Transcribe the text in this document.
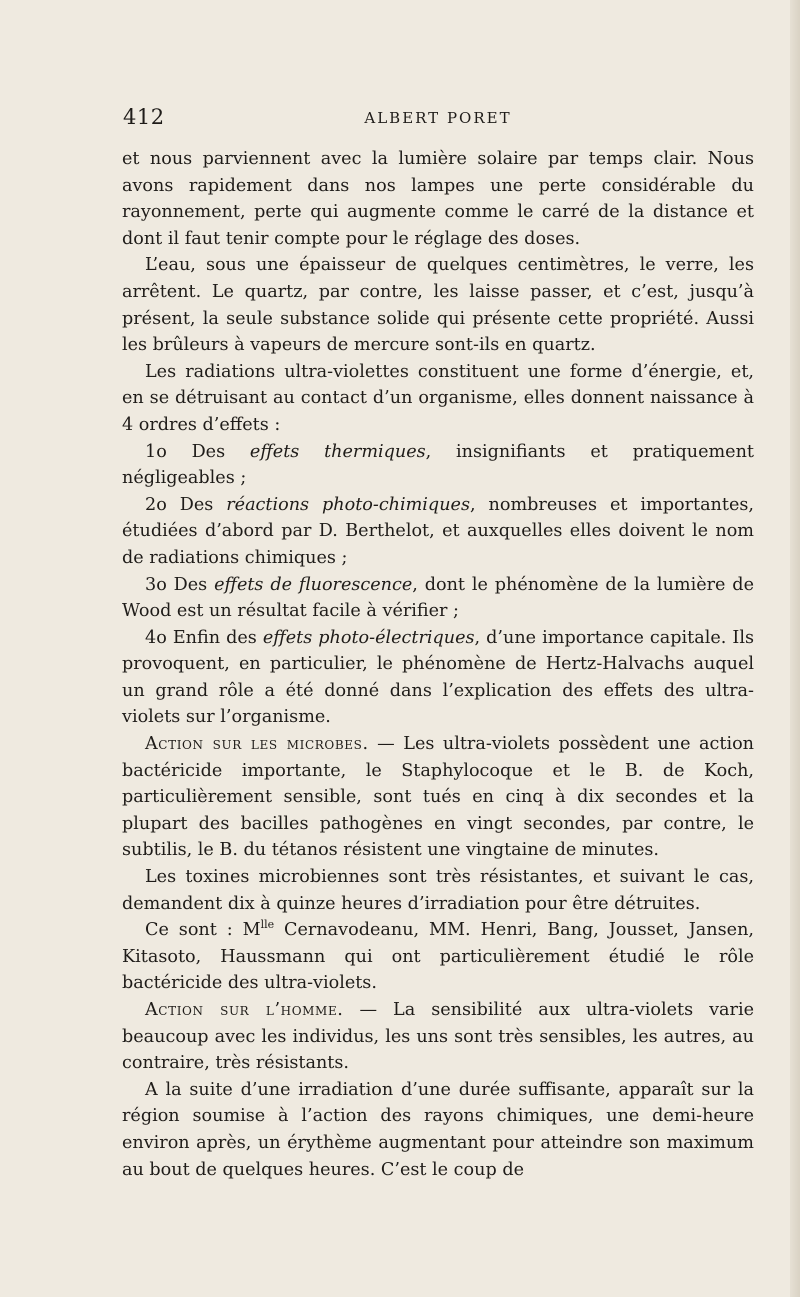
412	ALBERT PORET

et nous parviennent avec la lumière solaire par temps clair. Nous avons rapidement dans nos lampes une perte considérable du rayonnement, perte qui augmente comme le carré de la distance et dont il faut tenir compte pour le réglage des doses.

L’eau, sous une épaisseur de quelques centimètres, le verre, les arrêtent. Le quartz, par contre, les laisse passer, et c’est, jusqu’à présent, la seule substance solide qui présente cette propriété. Aussi les brûleurs à vapeurs de mercure sont-ils en quartz.

Les radiations ultra-violettes constituent une forme d’énergie, et, en se détruisant au contact d’un organisme, elles donnent naissance à 4 ordres d’effets :

1o Des effets thermiques, insignifiants et pratiquement négligeables ;

2o Des réactions photo-chimiques, nombreuses et importantes, étudiées d’abord par D. Berthelot, et auxquelles elles doivent le nom de radiations chimiques ;

3o Des effets de fluorescence, dont le phénomène de la lumière de Wood est un résultat facile à vérifier ;

4o Enfin des effets photo-électriques, d’une importance capitale. Ils provoquent, en particulier, le phénomène de Hertz-Halvachs auquel un grand rôle a été donné dans l’explication des effets des ultra-violets sur l’organisme.

Action sur les microbes. — Les ultra-violets possèdent une action bactéricide importante, le Staphylocoque et le B. de Koch, particulièrement sensible, sont tués en cinq à dix secondes et la plupart des bacilles pathogènes en vingt secondes, par contre, le subtilis, le B. du tétanos résistent une vingtaine de minutes.

Les toxines microbiennes sont très résistantes, et suivant le cas, demandent dix à quinze heures d’irradiation pour être détruites.

Ce sont : $M^{lle}$ Cernavodeanu, MM. Henri, Bang, Jousset, Jansen, Kitasoto, Haussmann qui ont particulièrement étudié le rôle bactéricide des ultra-violets.

Action sur l’homme. — La sensibilité aux ultra-violets varie beaucoup avec les individus, les uns sont très sensibles, les autres, au contraire, très résistants.

A la suite d’une irradiation d’une durée suffisante, apparaît sur la région soumise à l’action des rayons chimiques, une demi-heure environ après, un érythème augmentant pour atteindre son maximum au bout de quelques heures. C’est le coup de
